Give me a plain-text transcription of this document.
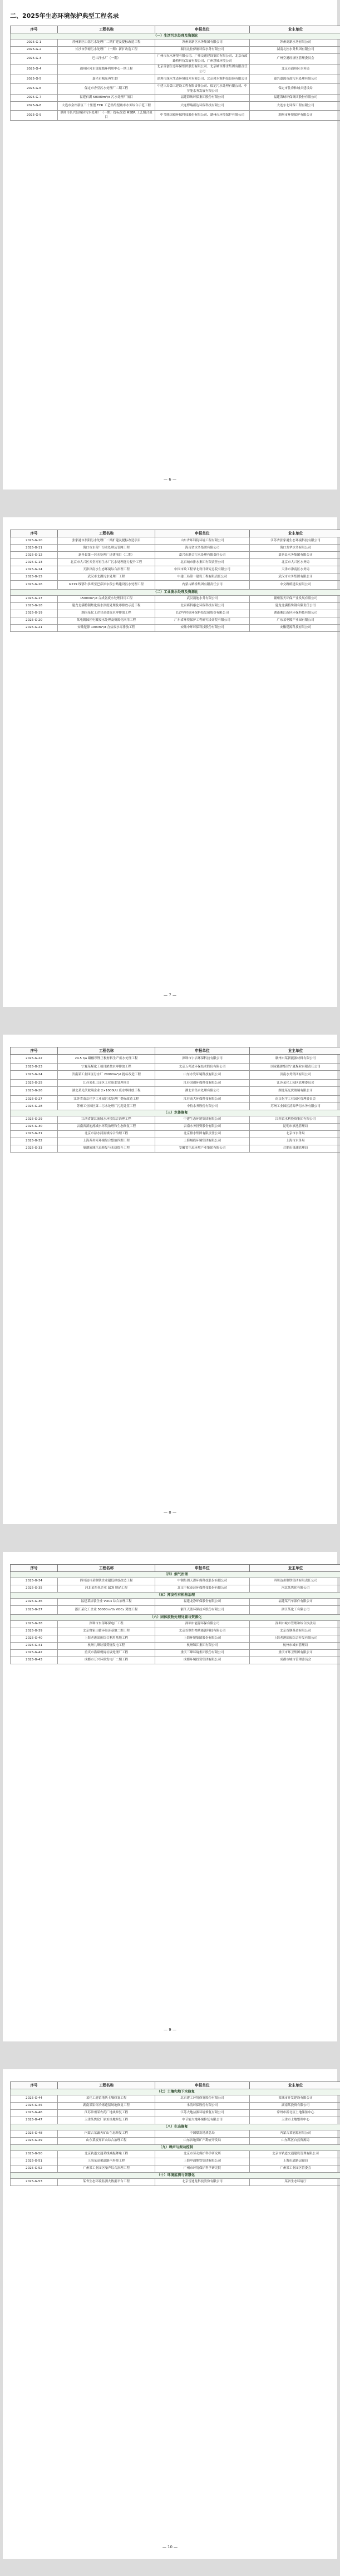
二、2025年生态环境保护典型工程名录
序号	工程名称	申报单位	业主单位
（一）生活污水处理及资源化			
2025-G-1	苏州新区白荡污水处理厂二期扩建及提标改造工程	苏州高新区水务集团有限公司	苏州高新水务有限公司
2025-G-2	长沙市伊塘污水处理厂（一期）新扩改造工程	湖南北控伊塘环保水务有限公司	湖南北控水务集团有限公司
2025-G-3	巴山净水厂（一期）	广州市东水环境有限公司、广州交通建设集团有限公司、北京市政路桥科技发展有限公司、广州慧城环境公司	广州空港经济区管理委员会
2025-G-4	通州区河东资源循环利用中心一期工程	北京首创生态环保集团股份有限公司、北京城市排水集团有限责任公司	北京市通州区水务局
2025-G-5	嘉兴市城东再生水厂	深圳市深水生态环境技术有限公司、北京碧水源科技股份有限公司	嘉兴嘉源市政污水处理有限公司
2025-G-6	保定市香堂污水处理厂二期工程	中建三局第三建设工程有限责任公司、保定污水处理有限公司、中节能水务发展有限公司	保定市住房和城乡建设局
2025-G-7	福建石湖 50000m³/d 污水处理厂项目	福建海峡环保集团股份有限公司	福建海峡环保集团股份有限公司
2025-G-8	大连市金州新区三十里堡 FCR 工艺集约型城市水务综合示范工程	大连博瑞新达环保科技有限公司	大连东北环保工程有限公司
2025-G-9	湖州市长兴县城区污水处理厂（一期）提标改造 MSBR 工艺组合项目	中节能国祯环保科技股份有限公司、湖州市环境保护有限公司	湖州市环境保护有限公司
— 6 —
序号	工程名称	申报单位	业主单位
2025-G-10	张家港市晨阳污水处理厂二期扩建及提标改造项目	山东省环科院环境工程有限公司	江苏省张家港生态环境科技有限公司
2025-G-11	海口市东营厂污水处理及管网工程	海南省水务集团有限公司	海口龙华水务有限公司
2025-G-12	嘉善县第一污水处理厂迁建项目（二期）	嘉兴市联合污水处理有限责任公司	嘉善县水务集团有限公司
2025-G-13	北京市大兴区天堂河再生水厂污水处理能力提升工程	北京城市排水集团有限责任公司	北京市大兴区水务局
2025-G-14	天津津南水生态环境综合治理工程	中国市政工程华北设计研究总院有限公司	天津市津南区水务局
2025-G-15	武汉市北湖污水处理厂工程	中建三局第一建设工程有限责任公司	武汉市水务集团有限公司
2025-G-16	G219 线鄂尔多斯至巴彦淖尔段公路建设污水处理工程	内蒙古路桥集团有限责任公司	中交路桥建设有限公司
（二）工业废水处理及资源化			
2025-G-17	15000m³/d 合成氨废水处理回用工程	武汉凯迪水务有限公司	赣州蓝天环保产业发展有限公司
2025-G-18	建龙北满特钢焦化废水深度处理及零排放示范工程	北京赛科康仑环保科技有限公司	建龙北满特殊钢有限责任公司
2025-G-19	湖南某化工企业高盐废水零排放工程	长沙华时捷环保科技发展股份有限公司	湖南湘江新区环保科技有限公司
2025-G-20	某电镀园区电镀废水处理及资源化回用工程	广东省环境保护工程研究设计院有限公司	广东某电镀产业园有限公司
2025-G-21	安徽楚源 1000m³/d 含盐废水零排放工程	安徽中环环保科技股份有限公司	安徽楚源科技有限公司
— 7 —
序号	工程名称	申报单位	业主单位
2025-G-22	24.5 t/a 磷酸铁锂正极材料生产废水处理工程	深圳市宇洁环保科技有限公司	赣州市某新能源材料有限公司
2025-G-23	宁夏某煤化工项目浓盐水零排放工程	北京万邦达环保技术股份有限公司	国家能源集团宁夏煤业有限责任公司
2025-G-24	济南某工业园区污水厂 20000m³/d 提标改造工程	山东水发环境科技有限公司	济南水务集团有限公司
2025-G-25	江苏某化工园区工业废水处理项目	江苏国创环保科技有限公司	江苏某化工园区管理委员会
2025-G-26	湖北某光伏玻璃企业 2×1000t/d 废水零排放工程	湖北君集水处理有限公司	湖北某光伏玻璃有限公司
2025-G-27	江苏省南京化学工业园污水处理厂提标改造工程	江苏南大环保科技有限公司	南京化学工业园区管理委员会
2025-G-28	苏州工业园区第二污水处理厂污泥处置工程	中持水务股份有限公司	苏州工业园区清源华衍水务有限公司
（三）水体修复			
2025-G-29	江西省赣江流域水环境综合治理工程	中建生态环境集团有限公司	江西省水利投资集团有限公司
2025-G-30	云南省滇池流域水环境治理和生态修复工程	云南水务投资股份有限公司	昆明市滇池管理局
2025-G-31	北京市凉水河流域综合治理工程	北京排水集团有限责任公司	北京市水务局
2025-G-32	上海苏州河环境综合整治四期工程	上海城投环境集团有限公司	上海市水务局
2025-G-33	巢湖流域生态修复与水质提升工程	安徽省生态环境产业集团有限公司	合肥市巢湖管理局
— 8 —
序号	工程名称	申报单位	业主单位
（四）烟气治理			
2025-G-34	四川达州某钢铁企业超低排放改造工程	中钢集团天澄环保科技股份有限公司	四川达州钢铁集团有限责任公司
2025-G-35	河北某焦化企业 SCR 脱硝工程	北京中航泰达环保科技股份有限公司	河北某焦化有限公司
（五）挥发性有机物治理			
2025-G-36	福建某涂装企业 VOCs 综合治理工程	福建龙净环保股份有限公司	福建某汽车部件有限公司
2025-G-37	浙江某化工企业 50000m³/h VOCs 焚烧工程	浙江天蓝环保技术股份有限公司	浙江某化工有限公司
（六）固体废物处理处置与资源化			
2025-G-38	深圳市东部环保电厂工程	深圳市能源环保有限公司	深圳市城市管理和综合执法局
2025-G-39	北京鲁家山循环经济基地二期工程	北京首钢生物质能源科技有限公司	北京首钢基金有限公司
2025-G-40	上海老港固废综合利用基地工程	上海环境集团股份有限公司	上海老港固废综合开发有限公司
2025-G-41	杭州九峰垃圾焚烧发电工程	杭州锦江集团有限公司	杭州市城市管理局
2025-G-42	重庆市洛碛餐厨垃圾处理厂工程	重庆三峰环境集团股份有限公司	重庆市环卫集团有限公司
2025-G-43	成都市万兴环保发电厂二期工程	成都环境投资集团有限公司	成都市城市管理委员会
— 9 —
序号	工程名称	申报单位	业主单位
（七）土壤和地下水修复			
2025-G-44	某化工遗留地块土壤修复工程	北京建工环境修复股份有限公司	某城市开发建设有限公司
2025-G-45	湖南某铅锌冶炼遗留场地修复工程	永清环保股份有限公司	湖南某投资有限公司
2025-G-46	江苏常州某农药厂地块修复工程	江苏大地益源环境修复有限公司	常州市新北区土地储备中心
2025-G-47	天津某焦化厂原址场地修复工程	中节能大地环境修复有限公司	天津市土地整理中心
（八）生态修复			
2025-G-48	内蒙古某露天矿山生态修复工程	中国煤炭地质总局	内蒙古某能源有限公司
2025-G-49	山东某废弃矿山综合治理工程	山东省地质矿产勘查开发局	山东某区自然资源局
（九）噪声与振动控制			
2025-G-50	北京轨道交通某线减振降噪工程	北京市劳动保护科学研究所	北京市轨道交通建设管理有限公司
2025-G-51	上海某高架道路声屏障工程	上海申通地铁集团有限公司	上海市道路运输局
2025-G-52	广州某工业园区噪声综合治理工程	广州市环境保护科学研究院	广州某工业园区管委会
（十）环境监测与智慧化			
2025-G-53	某省生态环境监测大数据平台工程	北京雪迪龙科技股份有限公司	某省生态环境厅
— 10 —
